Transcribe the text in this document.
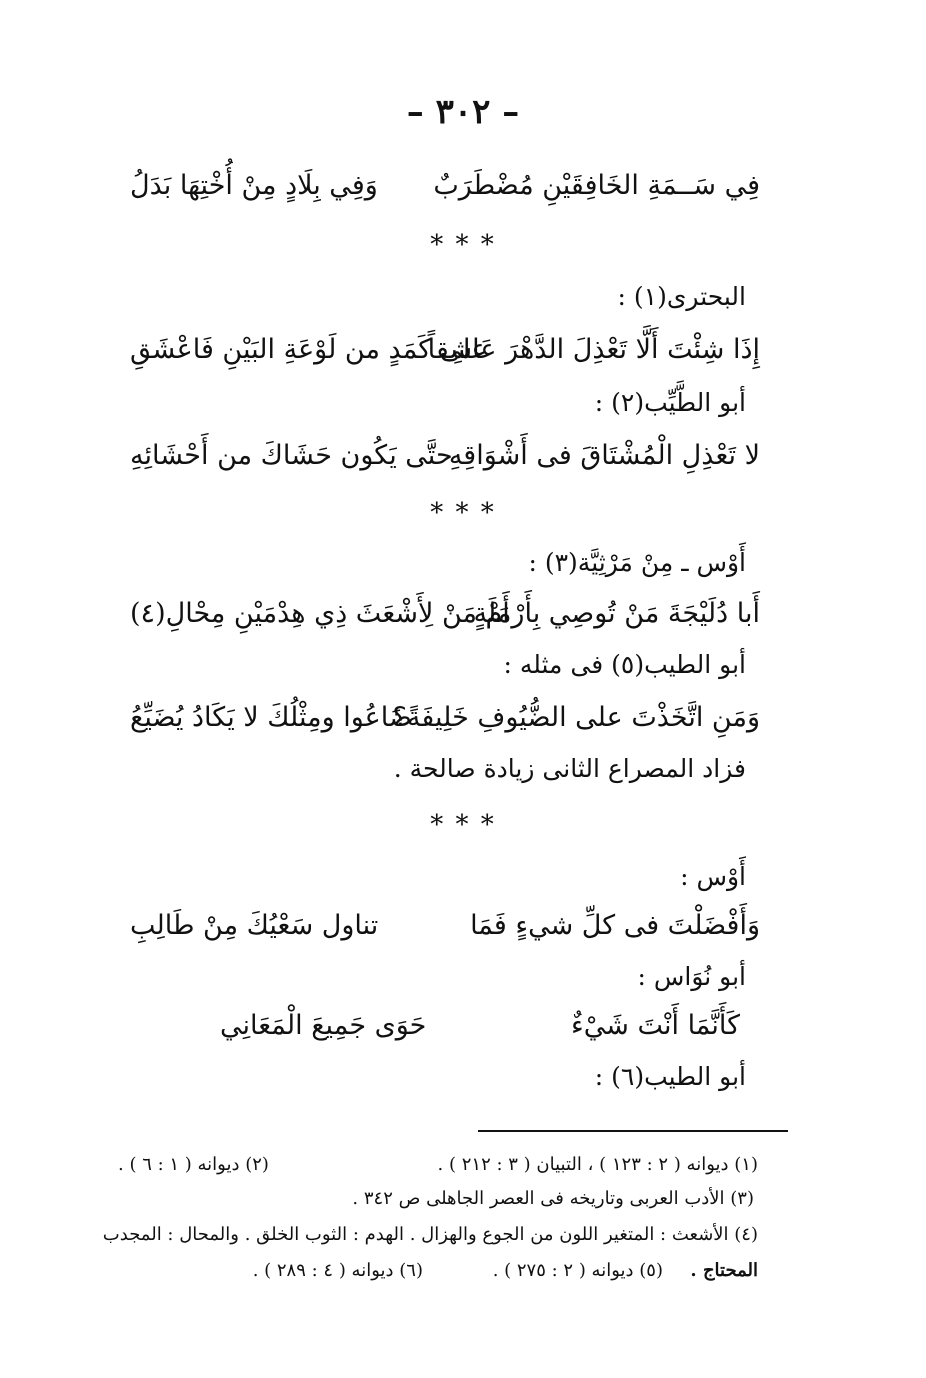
– ٣٠٢ –
فِي سَــمَةِ الخَافِقَيْنِ مُضْطَرَبٌ
وَفِي بِلَادٍ مِنْ أُخْتِهَا بَدَلُ
* * *
البحترى(١) :
إِذَا شِئْتَ أَلَّا تَعْذِلَ الدَّهْرَ عَاشِقاً
على كَمَدٍ من لَوْعَةِ البَيْنِ فَاعْشَقِ
أبو الطَّيِّب(٢) :
لا تَعْذِلِ الْمُشْتَاقَ فى أَشْوَاقِهِ
حتَّى يَكُون حَشَاكَ من أَحْشَائِهِ
* * *
أَوْس ـ مِنْ مَرْثِيَّة(٣) :
أَبا دُلَيْجَةَ مَنْ تُوصِي بِأَرْمَلَةٍ
أَمْ مَنْ لِأَشْعَثَ ذِي هِدْمَيْنِ مِحْالِ(٤)
أبو الطيب(٥) فى مثله :
وَمَنِ اتَّخَذْتَ على الضُّيُوفِ خَلِيفَةً؟
ضَاعُوا ومِثْلُكَ لا يَكَادُ يُضَيِّعُ
فزاد المصراع الثانى زيادة صالحة .
* * *
أَوْس :
وَأَفْضَلْتَ فى كلِّ شيءٍ فَمَا
تناول سَعْيُكَ مِنْ طَالِبِ
أبو نُوَاس :
كَأَنَّمَا أَنْتَ شَيْءٌ
حَوَى جَمِيعَ الْمَعَانِي
أبو الطيب(٦) :
(١) ديوانه ( ٢ : ١٢٣ ) ، التبيان ( ٣ : ٢١٢ ) .
(٢) ديوانه ( ١ : ٦ ) .
(٣) الأدب العربى وتاريخه فى العصر الجاهلى ص ٣٤٢ .
(٤) الأشعث : المتغير اللون من الجوع والهزال . الهدم : الثوب الخلق . والمحال : المجدب
المحتاج .
(٥) ديوانه ( ٢ : ٢٧٥ ) .
(٦) ديوانه ( ٤ : ٢٨٩ ) .
